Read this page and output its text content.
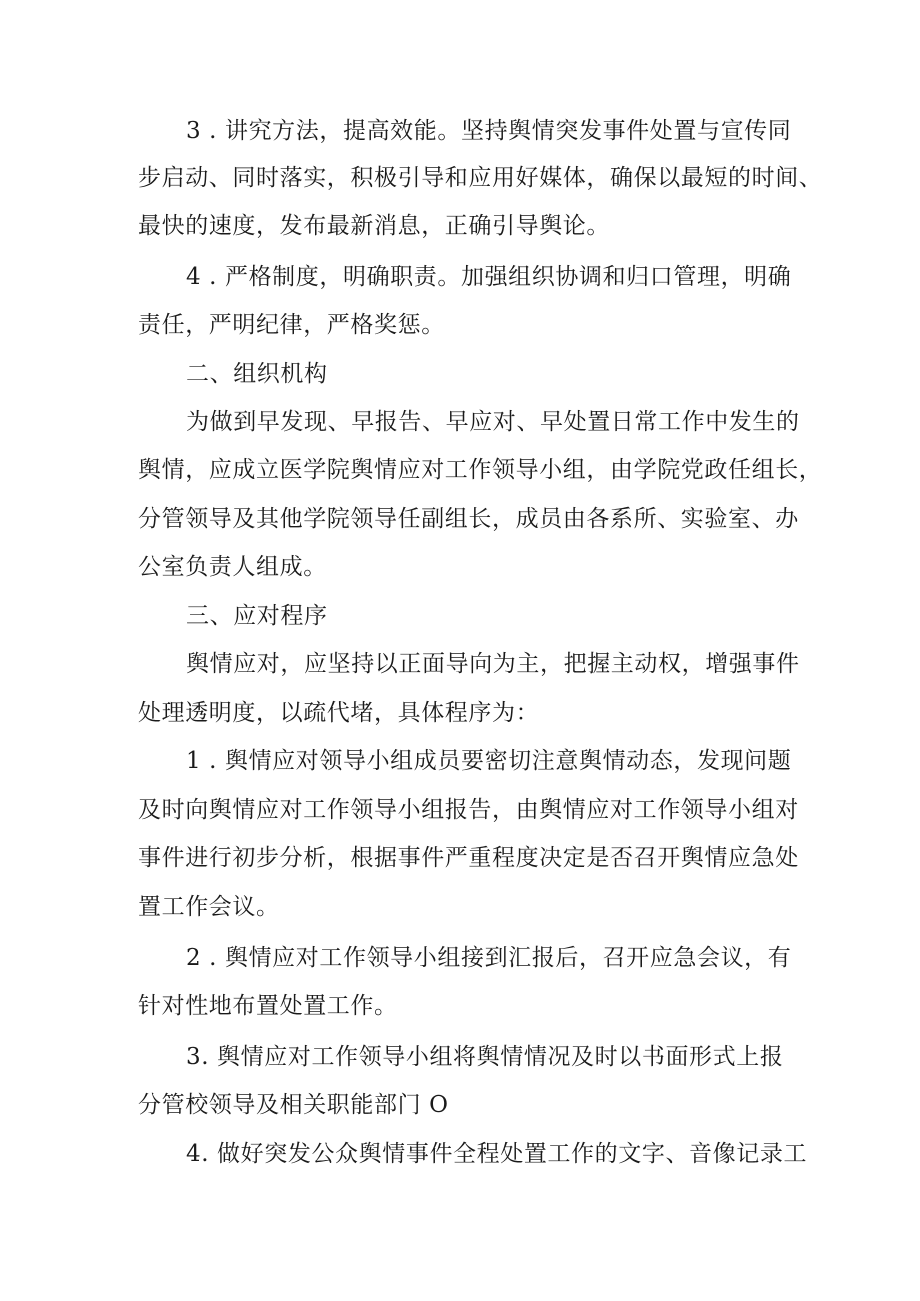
3 . 讲究方法，提高效能。坚持舆情突发事件处置与宣传同
步启动、同时落实，积极引导和应用好媒体，确保以最短的时间、
最快的速度，发布最新消息，正确引导舆论。
4 . 严格制度，明确职责。加强组织协调和归口管理，明确
责任，严明纪律，严格奖惩。
二、组织机构
为做到早发现、早报告、早应对、早处置日常工作中发生的
舆情，应成立医学院舆情应对工作领导小组，由学院党政任组长，
分管领导及其他学院领导任副组长，成员由各系所、实验室、办
公室负责人组成。
三、应对程序
舆情应对，应坚持以正面导向为主，把握主动权，增强事件
处理透明度，以疏代堵，具体程序为：
1 . 舆情应对领导小组成员要密切注意舆情动态，发现问题
及时向舆情应对工作领导小组报告，由舆情应对工作领导小组对
事件进行初步分析，根据事件严重程度决定是否召开舆情应急处
置工作会议。
2 . 舆情应对工作领导小组接到汇报后，召开应急会议，有
针对性地布置处置工作。
3. 舆情应对工作领导小组将舆情情况及时以书面形式上报
分管校领导及相关职能部门 O
4. 做好突发公众舆情事件全程处置工作的文字、音像记录工
